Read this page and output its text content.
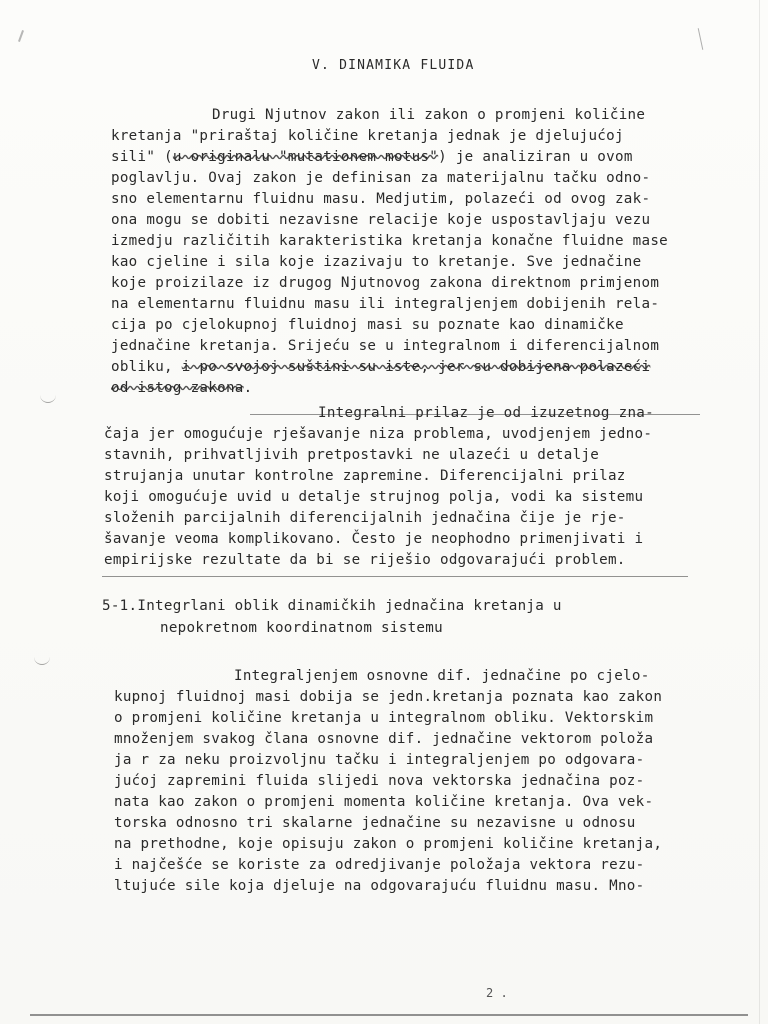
V. DINAMIKA FLUIDA
Drugi Njutnov zakon ili zakon o promjeni količine
kretanja "priraštaj količine kretanja jednak je djelujućoj
sili" (u originalu "mutationem motus") je analiziran u ovom
poglavlju. Ovaj zakon je definisan za materijalnu tačku odno-
sno elementarnu fluidnu masu. Medjutim, polazeći od ovog zak-
ona mogu se dobiti nezavisne relacije koje uspostavljaju vezu
izmedju različitih karakteristika kretanja konačne fluidne mase
kao cjeline i sila koje izazivaju to kretanje. Sve jednačine
koje proizilaze iz drugog Njutnovog zakona direktnom primjenom
na elementarnu fluidnu masu ili integraljenjem dobijenih rela-
cija po cjelokupnoj fluidnoj masi su poznate kao dinamičke
jednačine kretanja. Srijeću se u integralnom i diferencijalnom
obliku, i po svojoj suštini su iste, jer su dobijena polazeći
od istog zakona.
Integralni prilaz je od izuzetnog zna-
čaja jer omogućuje rješavanje niza problema, uvodjenjem jedno-
stavnih, prihvatljivih pretpostavki ne ulazeći u detalje
strujanja unutar kontrolne zapremine. Diferencijalni prilaz
koji omogućuje uvid u detalje strujnog polja, vodi ka sistemu
složenih parcijalnih diferencijalnih jednačina čije je rje-
šavanje veoma komplikovano. Često je neophodno primenjivati i
empirijske rezultate da bi se riješio odgovarajući problem.
5-1.Integrlani oblik dinamičkih jednačina kretanja u
nepokretnom koordinatnom sistemu
Integraljenjem osnovne dif. jednačine po cjelo-
kupnoj fluidnoj masi dobija se jedn.kretanja poznata kao zakon
o promjeni količine kretanja u integralnom obliku. Vektorskim
množenjem svakog člana osnovne dif. jednačine vektorom položa
ja r za neku proizvoljnu tačku i integraljenjem po odgovara-
jućoj zapremini fluida slijedi nova vektorska jednačina poz-
nata kao zakon o promjeni momenta količine kretanja. Ova vek-
torska odnosno tri skalarne jednačine su nezavisne u odnosu
na prethodne, koje opisuju zakon o promjeni količine kretanja,
i najčešće se koriste za odredjivanje položaja vektora rezu-
ltujuće sile koja djeluje na odgovarajuću fluidnu masu. Mno-
2 .
